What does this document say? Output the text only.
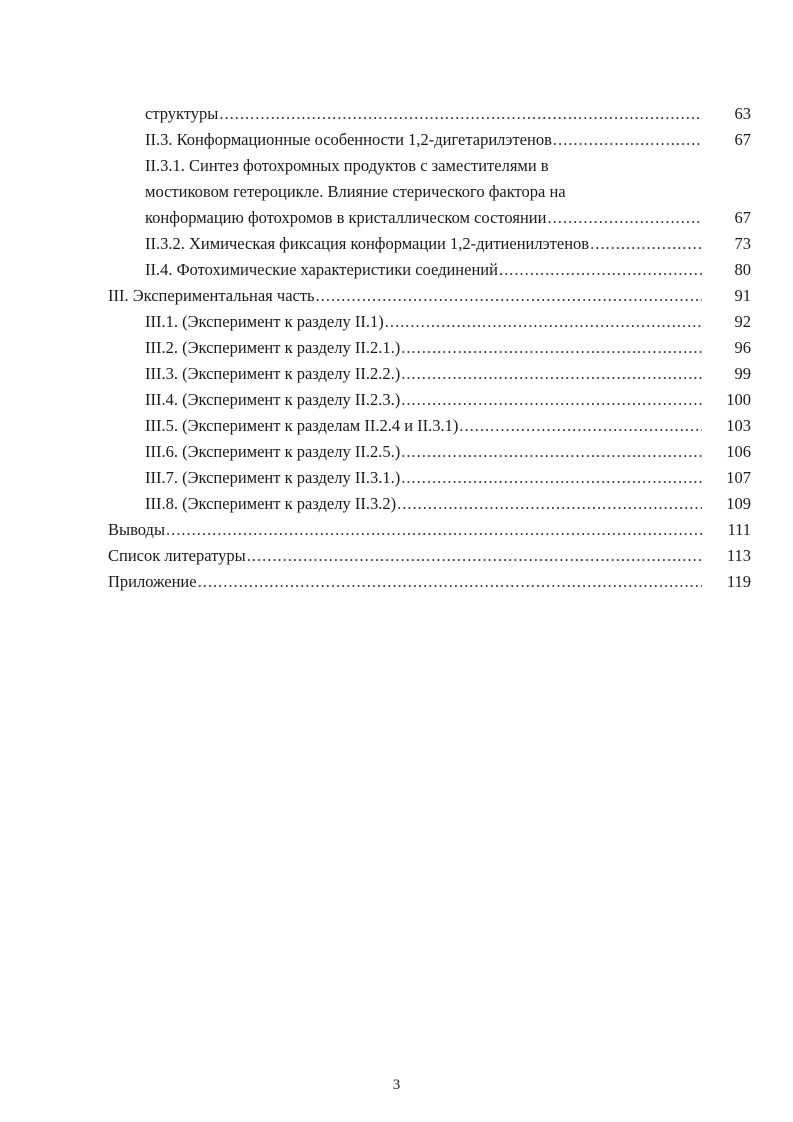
структуры .....	63
II.3. Конформационные особенности 1,2-дигетарилэтенов .....	67
II.3.1. Синтез фотохромных продуктов с заместителями в
мостиковом гетероцикле. Влияние стерического фактора на
конформацию фотохромов в кристаллическом состоянии .....	67
II.3.2. Химическая фиксация конформации 1,2-дитиенилэтенов .....	73
II.4. Фотохимические характеристики соединений .....	80
III. Экспериментальная часть .....	91
III.1. (Эксперимент к разделу II.1) .....	92
III.2. (Эксперимент к разделу II.2.1.) .....	96
III.3. (Эксперимент к разделу II.2.2.) .....	99
III.4. (Эксперимент к разделу II.2.3.) .....	100
III.5. (Эксперимент к разделам II.2.4 и II.3.1) .....	103
III.6. (Эксперимент к разделу II.2.5.) .....	106
III.7. (Эксперимент к разделу II.3.1.) .....	107
III.8. (Эксперимент к разделу II.3.2) .....	109
Выводы .....	111
Список литературы .....	113
Приложение .....	119
3
